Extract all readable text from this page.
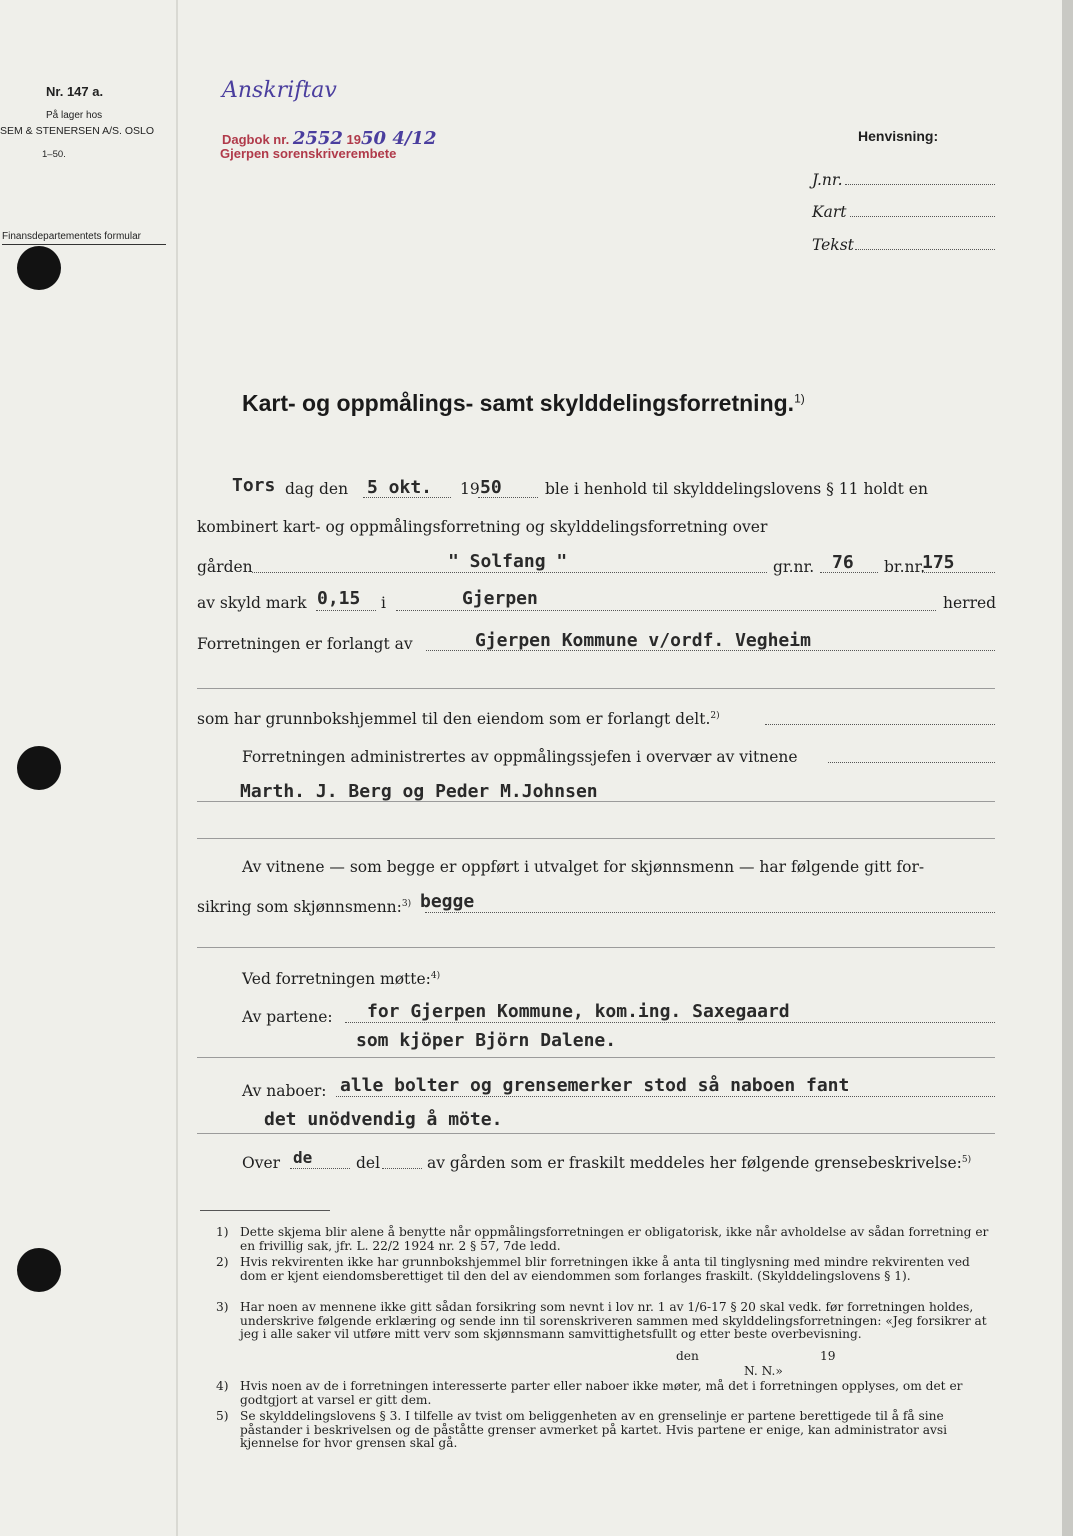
Nr. 147 a.
På lager hos
SEM & STENERSEN A/S. OSLO
1–50.
Finansdepartementets formular
Anskriftav
Dagbok nr. 2552 1950 4/12
Gjerpen sorenskriverembete
Henvisning:
J.nr.
Kart
Tekst
Kart- og oppmålings- samt skylddelingsforretning.$^{1)}$
Tors dag den 5 okt. 19 50	ble i henhold til skylddelingslovens § 11 holdt en
kombinert kart- og oppmålingsforretning og skylddelingsforretning over
gården	" Solfang "	gr.nr. 76 br.nr.
175
av skyld mark 0,15 i	Gjerpen	herred
Forretningen er forlangt av	Gjerpen Kommune v/ordf. Vegheim
som har grunnbokshjemmel til den eiendom som er forlangt delt.$^{2)}$
Forretningen administrertes av oppmålingssjefen i overvær av vitnene
Marth. J. Berg og Peder M.Johnsen
Av vitnene — som begge er oppført i utvalget for skjønnsmenn — har følgende gitt for-
sikring som skjønnsmenn:$^{3)}$ begge
Ved forretningen møtte:$^{4)}$
Av partene: for Gjerpen Kommune, kom.ing. Saxegaard
som kjöper Björn Dalene.
Av naboer: alle bolter og grensemerker stod så naboen fant
det unödvendig å möte.
Over de	del	av gården som er fraskilt meddeles her følgende grensebeskrivelse:$^{5)}$
1) Dette skjema blir alene å benytte når oppmålingsforretningen er obligatorisk, ikke når avholdelse av sådan forretning er en frivillig sak, jfr. L. 22/2 1924 nr. 2 § 57, 7de ledd.
2) Hvis rekvirenten ikke har grunnbokshjemmel blir forretningen ikke å anta til tinglysning med mindre rekvirenten ved dom er kjent eiendomsberettiget til den del av eiendommen som forlanges fraskilt. (Skylddelingslovens § 1).
3) Har noen av mennene ikke gitt sådan forsikring som nevnt i lov nr. 1 av 1/6-17 § 20 skal vedk. før forretningen holdes, underskrive følgende erklæring og sende inn til sorenskriveren sammen med skylddelingsforretningen: «Jeg forsikrer at jeg i alle saker vil utføre mitt verv som skjønnsmann samvittighetsfullt og etter beste overbevisning.
den	19
N. N.»
4) Hvis noen av de i forretningen interesserte parter eller naboer ikke møter, må det i forretningen opplyses, om det er godtgjort at varsel er gitt dem.
5) Se skylddelingslovens § 3. I tilfelle av tvist om beliggenheten av en grenselinje er partene berettigede til å få sine påstander i beskrivelsen og de påståtte grenser avmerket på kartet. Hvis partene er enige, kan administrator avsi kjennelse for hvor grensen skal gå.
